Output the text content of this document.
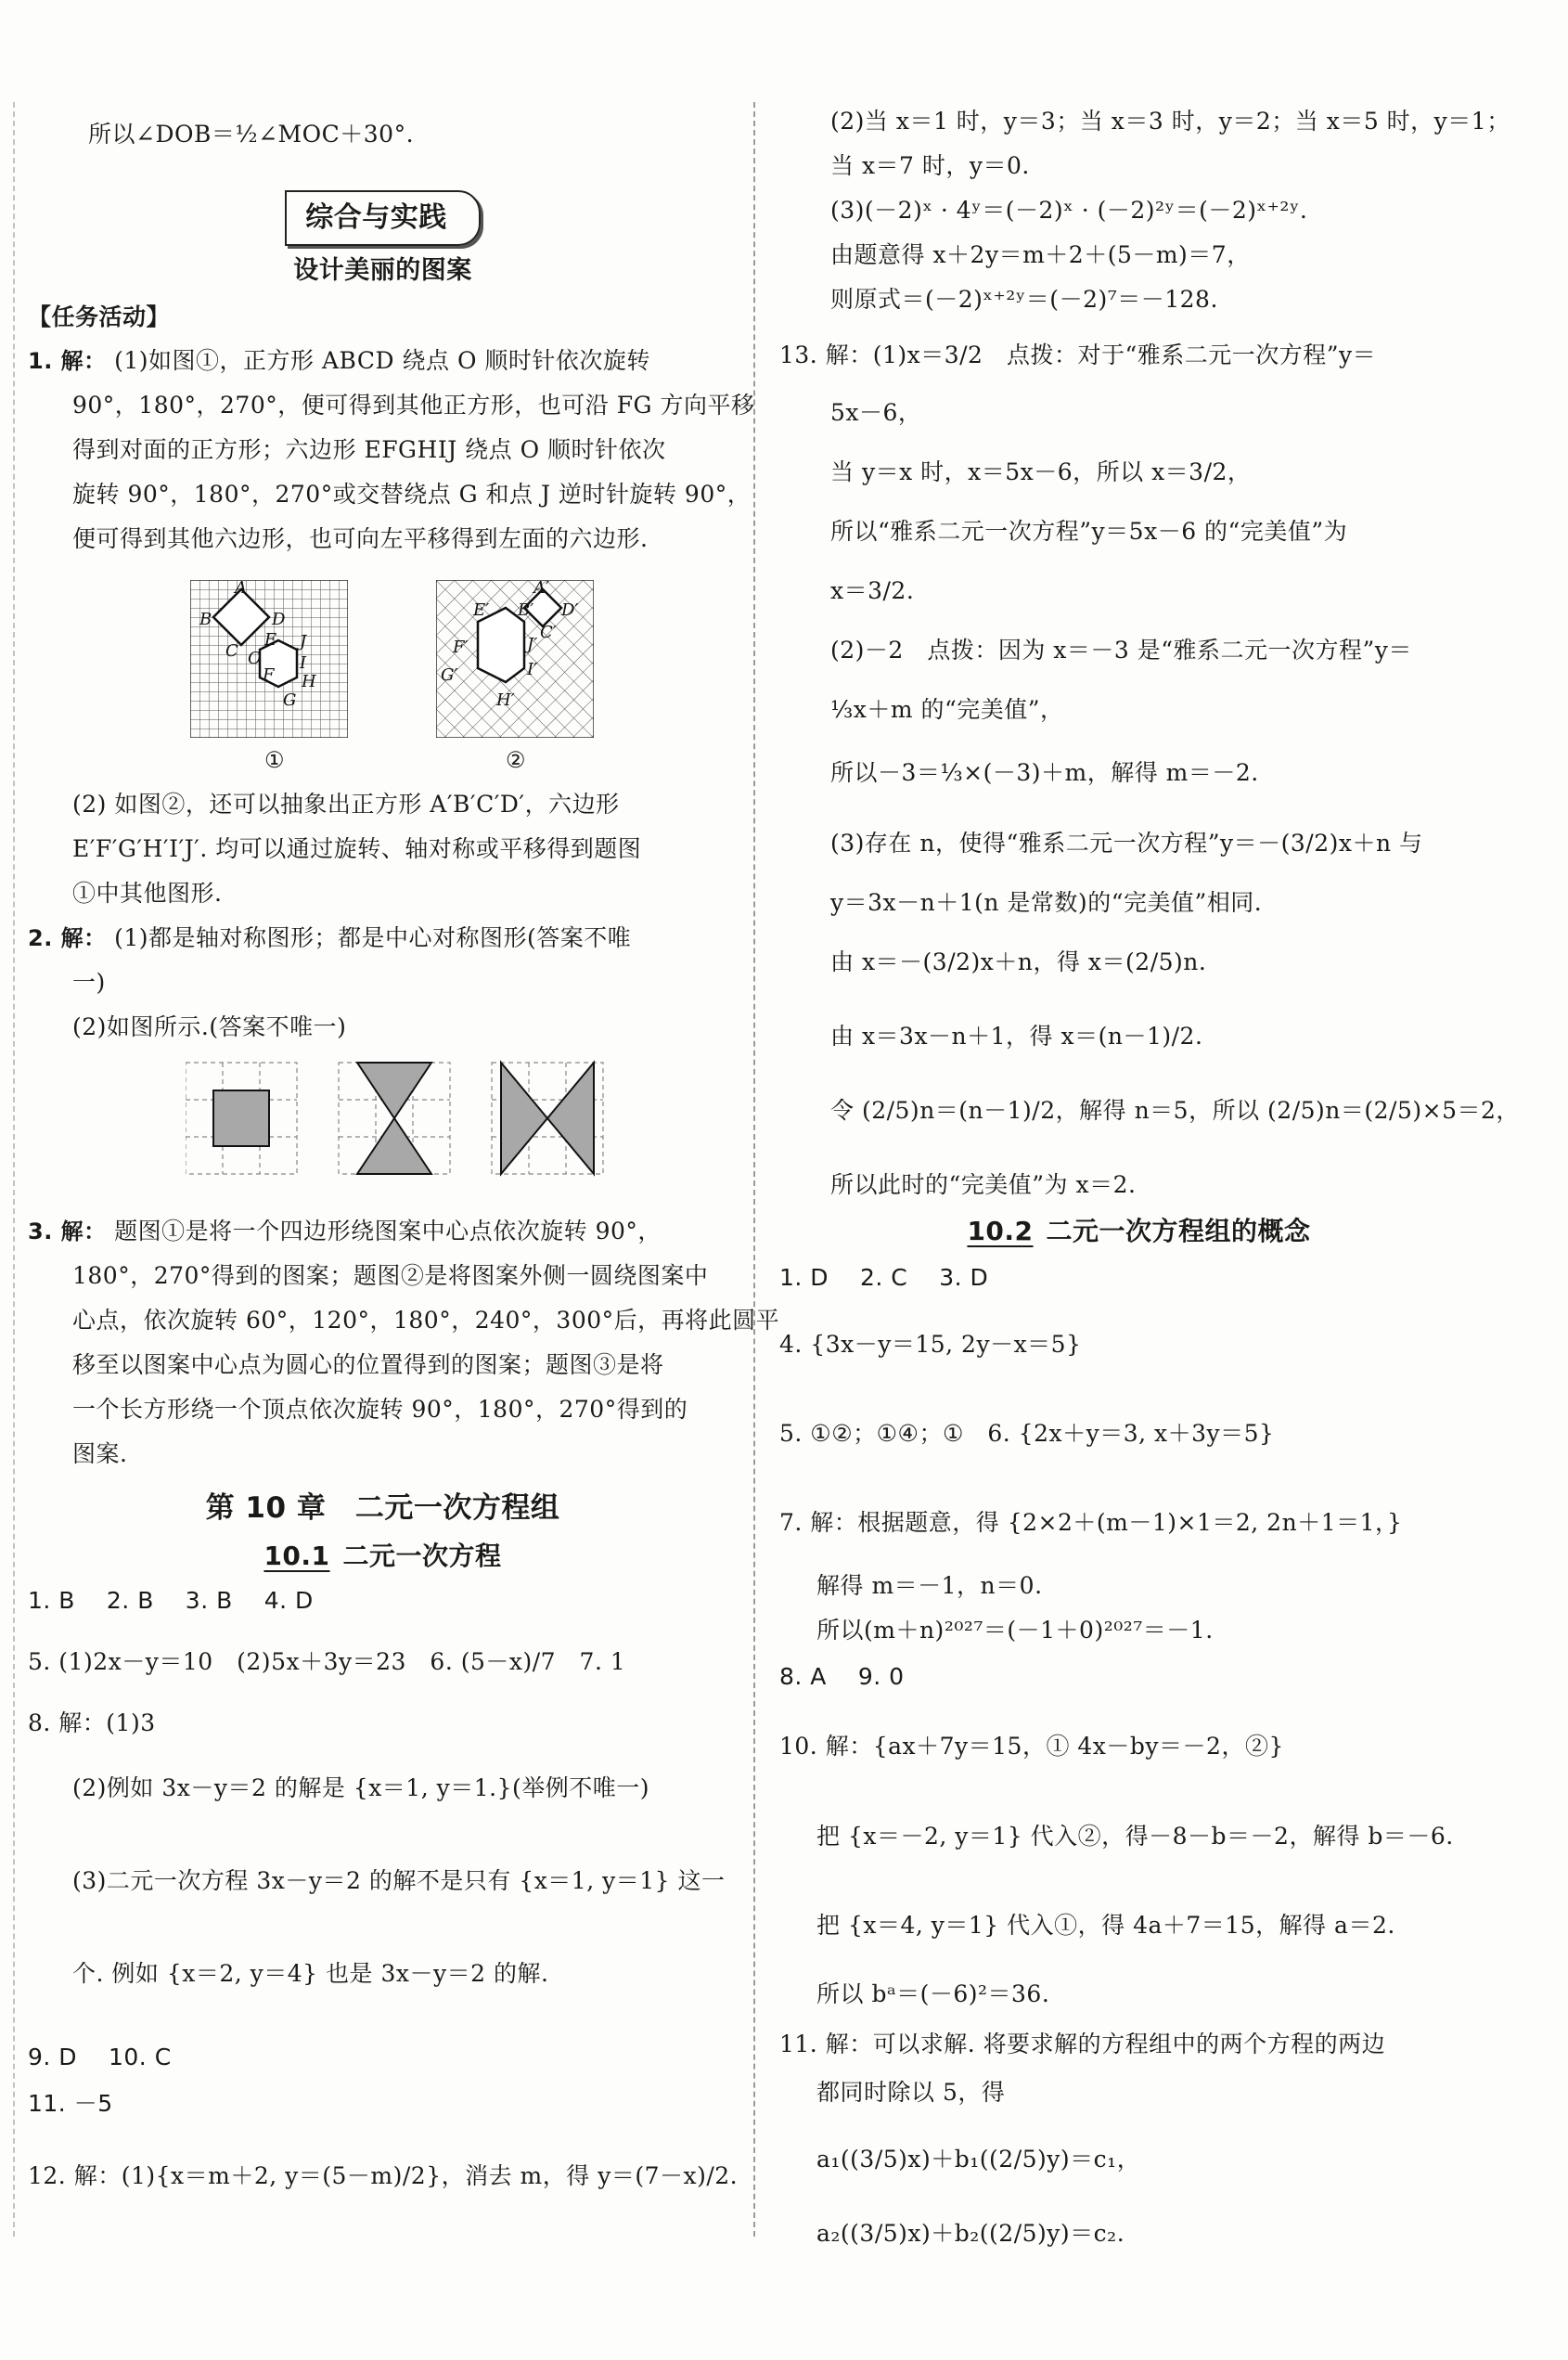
所以∠DOB＝½∠MOC＋30°.
综合与实践
设计美丽的图案
【任务活动】
1. 解： (1)如图①，正方形 ABCD 绕点 O 顺时针依次旋转
90°，180°，270°，便可得到其他正方形，也可沿 FG 方向平移
得到对面的正方形；六边形 EFGHIJ 绕点 O 顺时针依次
旋转 90°，180°，270°或交替绕点 G 和点 J 逆时针旋转 90°，
便可得到其他六边形，也可向左平移得到左面的六边形.
A
B	D
C
E
O
J
F
I
H
G
①
A′
B′ D′
C′
E′
J′
F′
I′
G′
H′
②
(2) 如图②，还可以抽象出正方形 A′B′C′D′，六边形
E′F′G′H′I′J′. 均可以通过旋转、轴对称或平移得到题图
①中其他图形.
2. 解： (1)都是轴对称图形；都是中心对称图形(答案不唯
一)
(2)如图所示.(答案不唯一)
3. 解： 题图①是将一个四边形绕图案中心点依次旋转 90°，
180°，270°得到的图案；题图②是将图案外侧一圆绕图案中
心点，依次旋转 60°，120°，180°，240°，300°后，再将此圆平
移至以图案中心点为圆心的位置得到的图案；题图③是将
一个长方形绕一个顶点依次旋转 90°，180°，270°得到的
图案.
第 10 章　二元一次方程组
10.1 二元一次方程
1. B　 2. B　 3. B　 4. D
5. (1)2x－y＝10　(2)5x＋3y＝23　6. (5－x)/7　7. 1
8. 解：(1)3
(2)例如 3x－y＝2 的解是 {x＝1, y＝1.}(举例不唯一)
(3)二元一次方程 3x－y＝2 的解不是只有 {x＝1, y＝1} 这一
个. 例如 {x＝2, y＝4} 也是 3x－y＝2 的解.
9. D　 10. C
11. －5
12. 解：(1){x＝m＋2, y＝(5－m)/2}，消去 m，得 y＝(7－x)/2.
(2)当 x＝1 时，y＝3；当 x＝3 时，y＝2；当 x＝5 时，y＝1；
当 x＝7 时，y＝0.
(3)(－2)ˣ · 4ʸ＝(－2)ˣ · (－2)²ʸ＝(－2)ˣ⁺²ʸ.
由题意得 x＋2y＝m＋2＋(5－m)＝7，
则原式＝(－2)ˣ⁺²ʸ＝(－2)⁷＝－128.
13. 解：(1)x＝3/2　点拨：对于“雅系二元一次方程”y＝
5x－6，
当 y＝x 时，x＝5x－6，所以 x＝3/2，
所以“雅系二元一次方程”y＝5x－6 的“完美值”为
x＝3/2.
(2)－2　点拨：因为 x＝－3 是“雅系二元一次方程”y＝
⅓x＋m 的“完美值”，
所以－3＝⅓×(－3)＋m，解得 m＝－2.
(3)存在 n，使得“雅系二元一次方程”y＝－(3/2)x＋n 与
y＝3x－n＋1(n 是常数)的“完美值”相同.
由 x＝－(3/2)x＋n，得 x＝(2/5)n.
由 x＝3x－n＋1，得 x＝(n－1)/2.
令 (2/5)n＝(n－1)/2，解得 n＝5，所以 (2/5)n＝(2/5)×5＝2，
所以此时的“完美值”为 x＝2.
10.2 二元一次方程组的概念
1. D　 2. C　 3. D
4. {3x－y＝15, 2y－x＝5}
5. ①②；①④；①　6. {2x＋y＝3, x＋3y＝5}
7. 解：根据题意，得 {2×2＋(m－1)×1＝2, 2n＋1＝1，}
解得 m＝－1，n＝0.
所以(m＋n)²⁰²⁷＝(－1＋0)²⁰²⁷＝－1.
8. A　 9. 0
10. 解：{ax＋7y＝15，① 4x－by＝－2，②}
把 {x＝－2, y＝1} 代入②，得－8－b＝－2，解得 b＝－6.
把 {x＝4, y＝1} 代入①，得 4a＋7＝15，解得 a＝2.
所以 bᵃ＝(－6)²＝36.
11. 解：可以求解. 将要求解的方程组中的两个方程的两边
都同时除以 5，得
a₁((3/5)x)＋b₁((2/5)y)＝c₁，
a₂((3/5)x)＋b₂((2/5)y)＝c₂.
